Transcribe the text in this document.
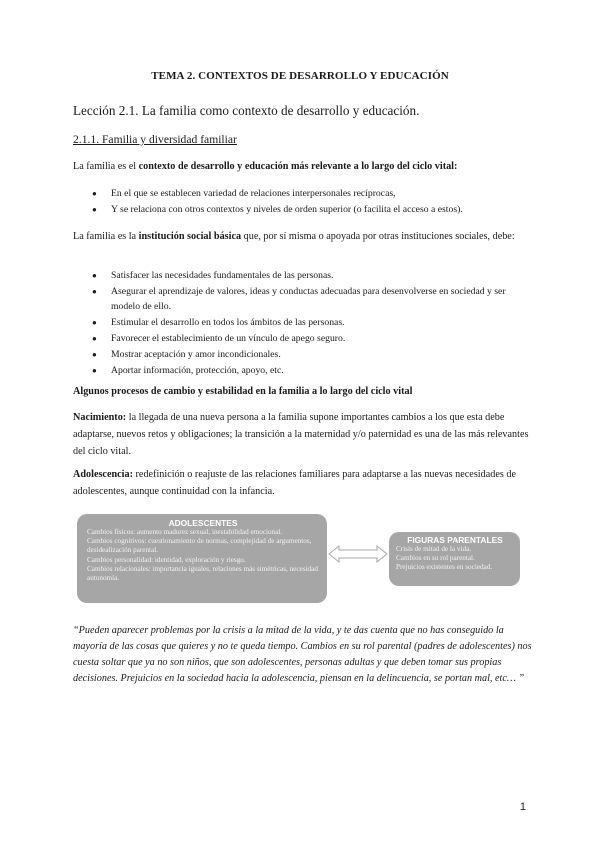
TEMA 2. CONTEXTOS DE DESARROLLO Y EDUCACIÓN
Lección 2.1. La familia como contexto de desarrollo y educación.
2.1.1. Familia y diversidad familiar
La familia es el contexto de desarrollo y educación más relevante a lo largo del ciclo vital:
● En el que se establecen variedad de relaciones interpersonales recíprocas,
● Y se relaciona con otros contextos y niveles de orden superior (o facilita el acceso a estos).
La familia es la institución social básica que, por sí misma o apoyada por otras instituciones sociales, debe:
● Satisfacer las necesidades fundamentales de las personas.
● Asegurar el aprendizaje de valores, ideas y conductas adecuadas para desenvolverse en sociedad y ser modelo de ello.
● Estimular el desarrollo en todos los ámbitos de las personas.
● Favorecer el establecimiento de un vínculo de apego seguro.
● Mostrar aceptación y amor incondicionales.
● Aportar información, protección, apoyo, etc.
Algunos procesos de cambio y estabilidad en la familia a lo largo del ciclo vital
Nacimiento: la llegada de una nueva persona a la familia supone importantes cambios a los que esta debe adaptarse, nuevos retos y obligaciones; la transición a la maternidad y/o paternidad es una de las más relevantes del ciclo vital.
Adolescencia: redefinición o reajuste de las relaciones familiares para adaptarse a las nuevas necesidades de adolescentes, aunque continuidad con la infancia.
ADOLESCENTES
Cambios físicos: aumento madurez sexual, inestabilidad emocional.
Cambios cognitivos: cuestionamiento de normas, complejidad de argumentos, desidealización parental.
Cambios personalidad: identidad, exploración y riesgo.
Cambios relacionales: importancia iguales, relaciones más simétricas, necesidad autonomía.
FIGURAS PARENTALES
Crisis de mitad de la vida.
Cambios en su rol parental.
Prejuicios existentes en sociedad.
“Pueden aparecer problemas por la crisis a la mitad de la vida, y te das cuenta que no has conseguido la mayoría de las cosas que quieres y no te queda tiempo. Cambios en su rol parental (padres de adolescentes) nos cuesta soltar que ya no son niños, que son adolescentes, personas adultas y que deben tomar sus propias decisiones. Prejuicios en la sociedad hacia la adolescencia, piensan en la delincuencia, se portan mal, etc… ”
1
